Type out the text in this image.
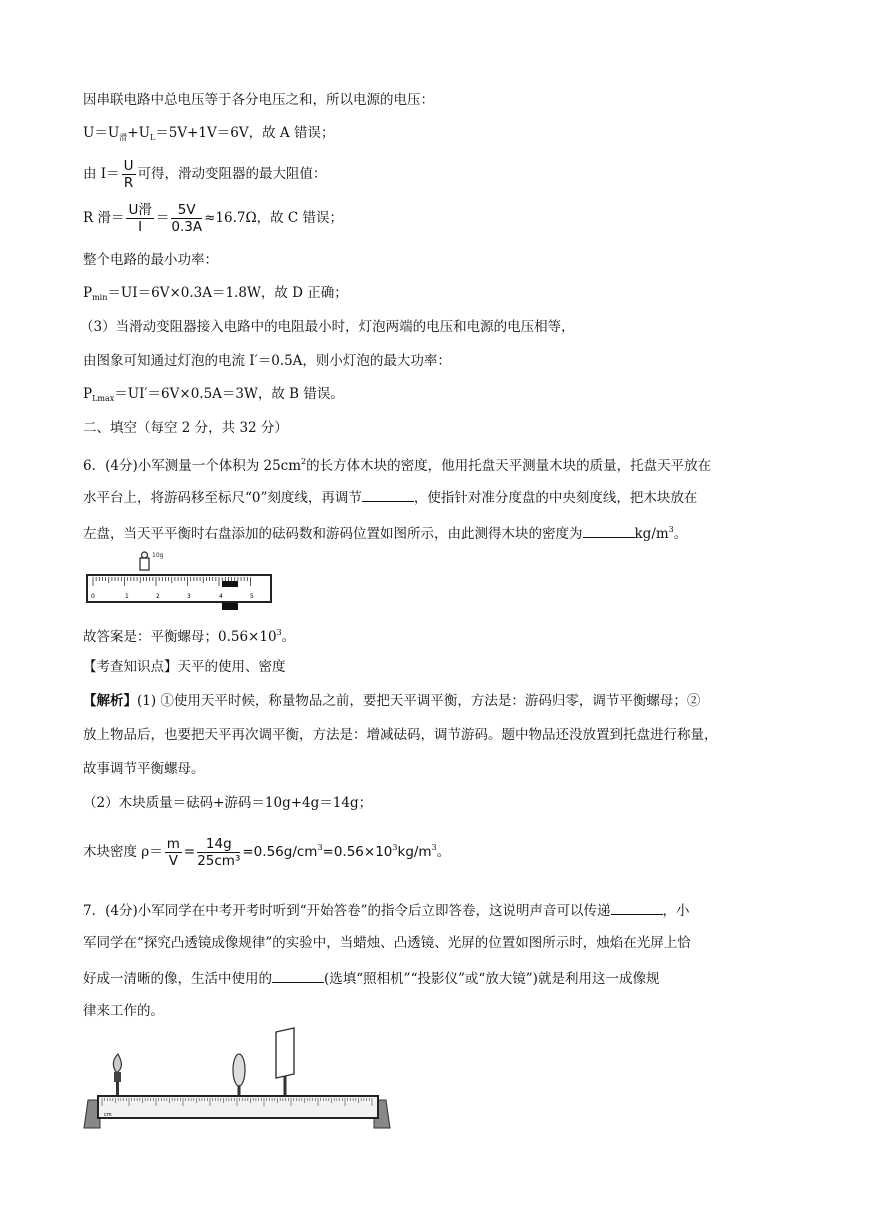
因串联电路中总电压等于各分电压之和，所以电源的电压：
$U=U_滑+U_L=5V+1V=6V$，故 A 错误；
由 $I= \frac{U}{R}$ 可得，滑动变阻器的最大阻值：
R 滑＝ $\frac{\text{U滑}}{I} = \frac{5V}{0.3A} \approx 16.7\Omega$，故 C 错误；
整个电路的最小功率：
$P_{min}=UI=6V\times 0.3A=1.8W$，故 D 正确；
（3）当滑动变阻器接入电路中的电阻最小时，灯泡两端的电压和电源的电压相等，
由图象可知通过灯泡的电流 I′＝0.5A，则小灯泡的最大功率：
$P_{Lmax}=UI'=6V\times 0.5A=3W$，故 B 错误。
二、填空（每空 2 分，共 32 分）
6．(4分)小军测量一个体积为 $25cm^2$的长方体木块的密度，他用托盘天平测量木块的质量，托盘天平放在
水平台上，将游码移至标尺“0”刻度线，再调节	，使指针对准分度盘的中央刻度线，把木块放在
左盘，当天平平衡时右盘添加的砝码数和游码位置如图所示，由此测得木块的密度为	$kg/m^3$。
10g
0	1	2	3	4	5
故答案是：平衡螺母；$0.56\times 10^3$。
【考查知识点】天平的使用、密度
【解析】(1) ①使用天平时候，称量物品之前，要把天平调平衡，方法是：游码归零，调节平衡螺母；②
放上物品后，也要把天平再次调平衡，方法是：增减砝码，调节游码。题中物品还没放置到托盘进行称量，
故事调节平衡螺母。
（2）木块质量＝砝码+游码＝10g+4g＝14g；
木块密度 $\rho= \frac{m}{V} = \frac{14g}{\text{25cm³}} =0.56g/cm^3=0.56\times 10^3kg/m^3$。
7．(4分)小军同学在中考开考时听到“开始答卷”的指令后立即答卷，这说明声音可以传递	，小
军同学在“探究凸透镜成像规律”的实验中，当蜡烛、凸透镜、光屏的位置如图所示时，烛焰在光屏上恰
好成一清晰的像，生活中使用的	(选填“照相机”“投影仪”或“放大镜”)就是利用这一成像规
律来工作的。
cm
